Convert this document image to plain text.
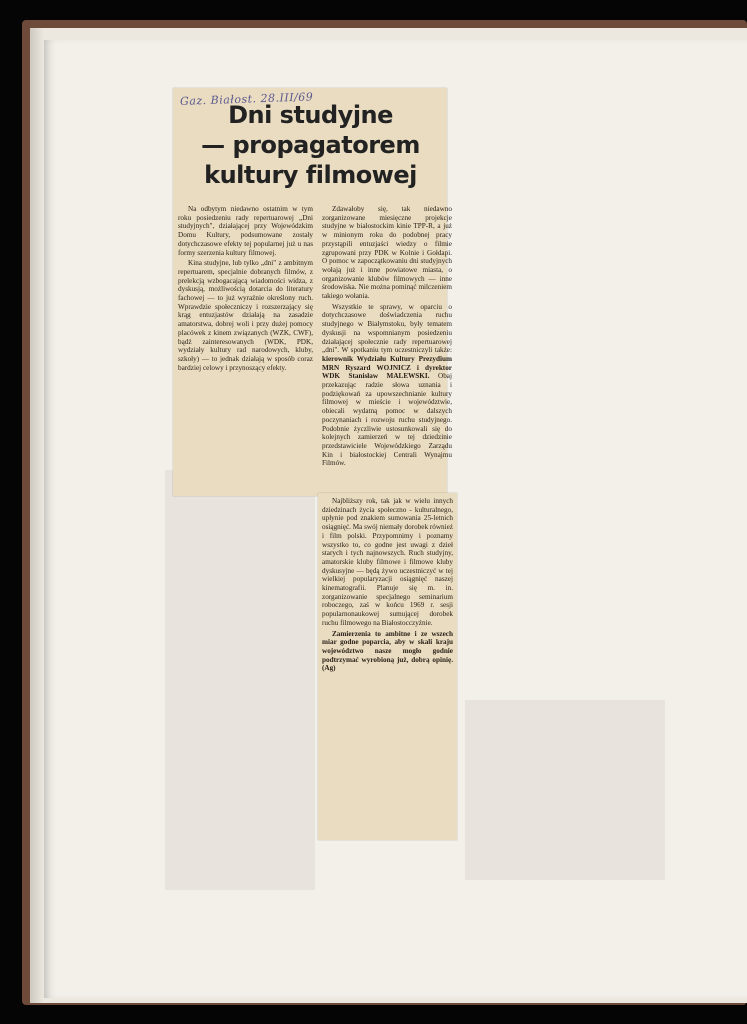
Gaz. Białost. 28.III/69
Dni studyjne
— propagatorem
kultury filmowej

Na odbytym niedawno ostatnim w tym roku posiedzeniu rady repertuarowej „Dni studyjnych", działającej przy Wojewódzkim Domu Kultury, podsumowane zostały dotychczasowe efekty tej popularnej już u nas formy szerzenia kultury filmowej.

Kina studyjne, lub tylko „dni" z ambitnym repertuarem, specjalnie dobranych filmów, z prelekcją wzbogacającą wiadomości widza, z dyskusją, możliwością dotarcia do literatury fachowej — to już wyraźnie określony ruch. Wprawdzie społeczniczy i rozszerzający się krąg entuzjastów działają na zasadzie amatorstwa, dobrej woli i przy dużej pomocy placówek z kinem związanych (WZK, CWF), bądź zainteresowanych (WDK, PDK, wydziały kultury rad narodowych, kluby, szkoły) — to jednak działają w sposób coraz bardziej celowy i przynoszący efekty.

Zdawałoby się, tak niedawno zorganizowane miesięczne projekcje studyjne w białostockim kinie TPP-R, a już w minionym roku do podobnej pracy przystąpili entuzjaści wiedzy o filmie zgrupowani przy PDK w Kolnie i Gołdapi. O pomoc w zapoczątkowaniu dni studyjnych wołają już i inne powiatowe miasta, o organizowanie klubów filmowych — inne środowiska. Nie można pominąć milczeniem takiego wołania.

Wszystkie te sprawy, w oparciu o dotychczasowe doświadczenia ruchu studyjnego w Białymstoku, były tematem dyskusji na wspomnianym posiedzeniu działającej społecznie rady repertuarowej „dni". W spotkaniu tym uczestniczyli także: kierownik Wydziału Kultury Prezydium MRN Ryszard WOJNICZ i dyrektor WDK Stanisław MALEWSKI. Obaj przekazując radzie słowa uznania i podziękowań za upowszechnianie kultury filmowej w mieście i województwie, obiecali wydatną pomoc w dalszych poczynaniach i rozwoju ruchu studyjnego. Podobnie życzliwie ustosunkowali się do kolejnych zamierzeń w tej dziedzinie przedstawiciele Wojewódzkiego Zarządu Kin i białostockiej Centrali Wynajmu Filmów.

Najbliższy rok, tak jak w wielu innych dziedzinach życia społeczno - kulturalnego, upłynie pod znakiem sumowania 25-letnich osiągnięć. Ma swój niemały dorobek również i film polski. Przypomnimy i poznamy wszystko to, co godne jest uwagi z dzieł starych i tych najnowszych. Ruch studyjny, amatorskie kluby filmowe i filmowe kluby dyskusyjne — będą żywo uczestniczyć w tej wielkiej popularyzacji osiągnięć naszej kinematografii. Planuje się m. in. zorganizowanie specjalnego seminarium roboczego, zaś w końcu 1969 r. sesji popularnonaukowej sumującej dorobek ruchu filmowego na Białostocczyźnie.

Zamierzenia to ambitne i ze wszech miar godne poparcia, aby w skali kraju województwo nasze mogło godnie podtrzymać wyrobioną już, dobrą opinię. (Ag)
